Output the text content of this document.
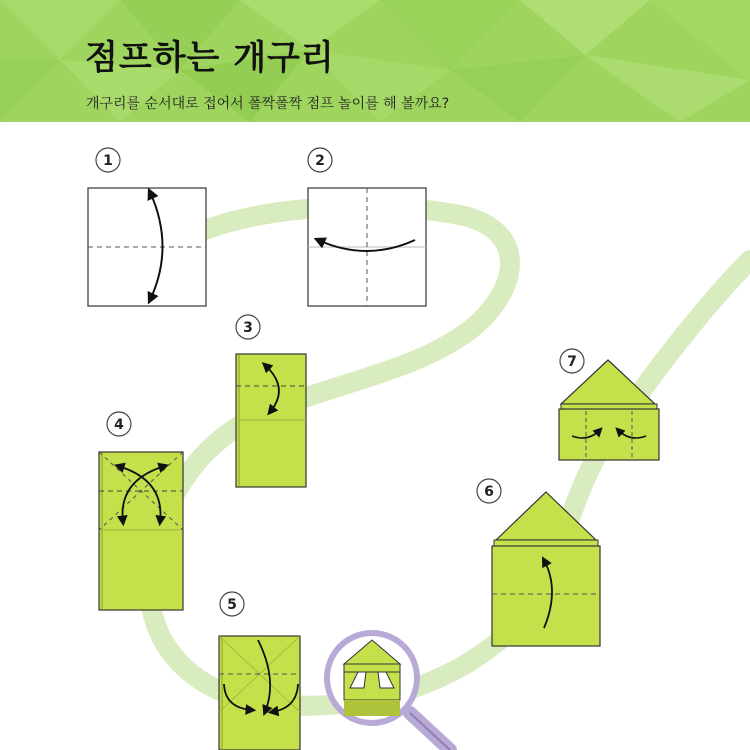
점프하는 개구리

개구리를 순서대로 접어서 폴짝폴짝 점프 놀이를 해 볼까요?

1	2
3
4
5
6
7
